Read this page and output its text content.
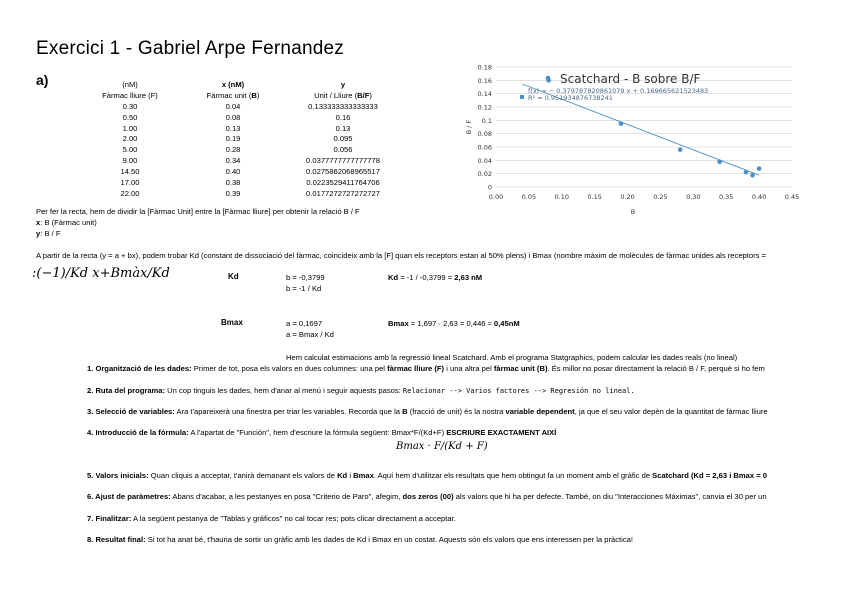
Exercici 1 - Gabriel Arpe Fernandez
a)	(nM)	x (nM)	y
Fàrmac lliure (F)	Fàrmac unit (B)	Unit / Lliure (B/F)
0.30	0.04	0.133333333333333
0.50	0.08	0.16
1.00	0.13	0.13
2.00	0.19	0.095
5.00	0.28	0.056
9.00	0.34	0.0377777777777778
14.50	0.40	0.0275862068965517
17.00	0.38	0.0223529411764706
22.00	0.39	0.0177272727272727
0
0.02
0.04
0.06
0.08
0.1
0.12
0.14
0.16
0.18
0.00	0.05	0.10	0.15	0.20	0.25	0.30	0.35	0.40	0.45
B
B / F
Scatchard - B sobre B/F
f(x) = − 0.379787820861079 x + 0.169665621523483
R² = 0.951934876738241
Per fer la recta, hem de dividir la [Fàrmac Unit] entre la [Fàrmac lliure] per obtenir la relació B / F
x: B (Fàrmac unit)
y: B / F
A partir de la recta (y = a + bx), podem trobar Kd (constant de dissociació del fàrmac, coincideix amb la [F] quan els receptors estan al 50% plens) i Bmax (nombre màxim de molècules de fàrmac unides als receptors =
:(−1)/𝐾𝑑 𝑥+𝐵𝑚à𝑥/𝐾𝑑	Kd	b = -0,3799
b = -1 / Kd
Kd = -1 / -0,3799 = 2,63 nM
Bmax	a = 0,1697
a = Bmax / Kd
Bmax = 1,697 · 2,63 = 0,446 ≈ 0,45nM
Hem calculat estimacions amb la regressió lineal Scatchard. Amb el programa Statgraphics, podem calcular les dades reals (no lineal)
1. Organització de les dades: Primer de tot, posa els valors en dues columnes: una pel fàrmac lliure (F) i una altra pel fàrmac unit (B). És millor no posar directament la relació B / F, perquè si ho fem
2. Ruta del programa: Un cop tinguis les dades, hem d'anar al menú i seguir aquests pasos: Relacionar --> Varios factores --> Regresión no lineal.
3. Selecció de variables: Ara t'apareixerà una finestra per triar les variables. Recorda que la B (fracció de unit) és la nostra variable dependent, ja que el seu valor depèn de la quantitat de fàrmac lliure
4. Introducció de la fórmula: A l'apartat de "Función", hem d'escriure la fórmula següent: Bmax*F/(Kd+F) ESCRIURE EXACTAMENT AIXÍ
𝐵𝑚𝑎𝑥 · 𝐹/(𝐾𝑑 + 𝐹)
5. Valors inicials: Quan cliquis a acceptar, t'anirà demanant els valors de Kd i Bmax. Aquí hem d'utilitzar els resultats que hem obtingut fa un moment amb el gràfic de Scatchard (Kd = 2,63 i Bmax = 0
6. Ajust de paràmetres: Abans d'acabar, a les pestanyes en posa "Criterio de Paro", afegim, dos zeros (00) als valors que hi ha per defecte. També, on diu "Interacciones Máximas", canvia el 30 per un
7. Finalitzar: A la següent pestanya de "Tablas y gráficos" no cal tocar res; pots clicar directament a acceptar.
8. Resultat final: Si tot ha anat bé, t'hauria de sortir un gràfic amb les dades de Kd i Bmax en un costat. Aquests són els valors que ens interessen per la pràctica!
